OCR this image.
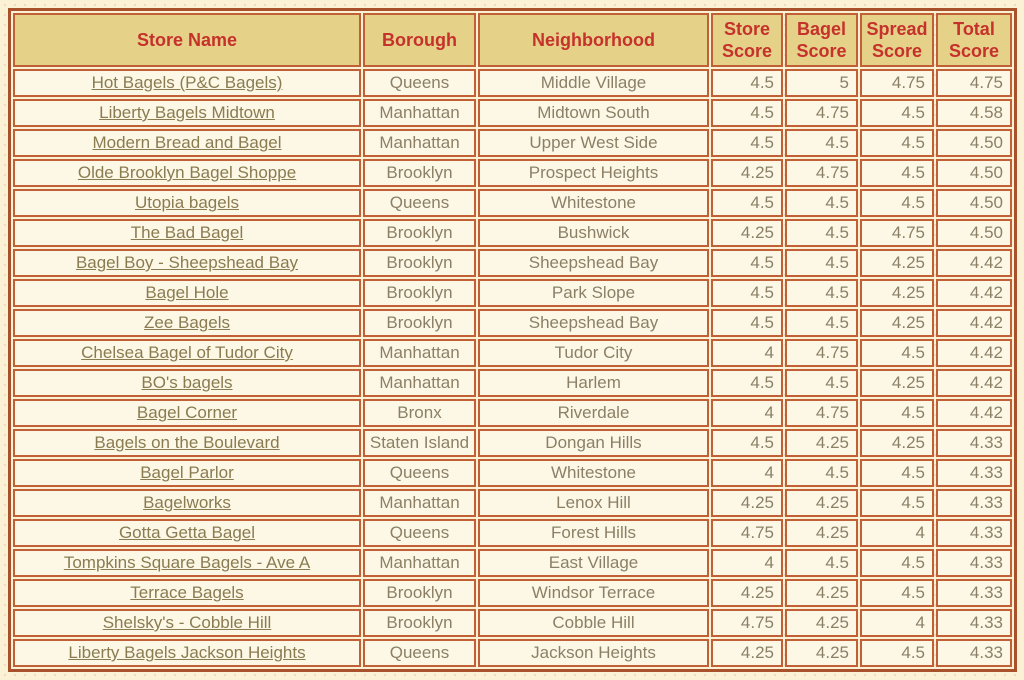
Store Name	Borough	Neighborhood	Store Score	Bagel Score	Spread Score	Total Score
Hot Bagels (P&C Bagels)	Queens	Middle Village	4.5	5	4.75	4.75
Liberty Bagels Midtown	Manhattan	Midtown South	4.5	4.75	4.5	4.58
Modern Bread and Bagel	Manhattan	Upper West Side	4.5	4.5	4.5	4.50
Olde Brooklyn Bagel Shoppe	Brooklyn	Prospect Heights	4.25	4.75	4.5	4.50
Utopia bagels	Queens	Whitestone	4.5	4.5	4.5	4.50
The Bad Bagel	Brooklyn	Bushwick	4.25	4.5	4.75	4.50
Bagel Boy - Sheepshead Bay	Brooklyn	Sheepshead Bay	4.5	4.5	4.25	4.42
Bagel Hole	Brooklyn	Park Slope	4.5	4.5	4.25	4.42
Zee Bagels	Brooklyn	Sheepshead Bay	4.5	4.5	4.25	4.42
Chelsea Bagel of Tudor City	Manhattan	Tudor City	4	4.75	4.5	4.42
BO's bagels	Manhattan	Harlem	4.5	4.5	4.25	4.42
Bagel Corner	Bronx	Riverdale	4	4.75	4.5	4.42
Bagels on the Boulevard	Staten Island	Dongan Hills	4.5	4.25	4.25	4.33
Bagel Parlor	Queens	Whitestone	4	4.5	4.5	4.33
Bagelworks	Manhattan	Lenox Hill	4.25	4.25	4.5	4.33
Gotta Getta Bagel	Queens	Forest Hills	4.75	4.25	4	4.33
Tompkins Square Bagels - Ave A	Manhattan	East Village	4	4.5	4.5	4.33
Terrace Bagels	Brooklyn	Windsor Terrace	4.25	4.25	4.5	4.33
Shelsky's - Cobble Hill	Brooklyn	Cobble Hill	4.75	4.25	4	4.33
Liberty Bagels Jackson Heights	Queens	Jackson Heights	4.25	4.25	4.5	4.33
